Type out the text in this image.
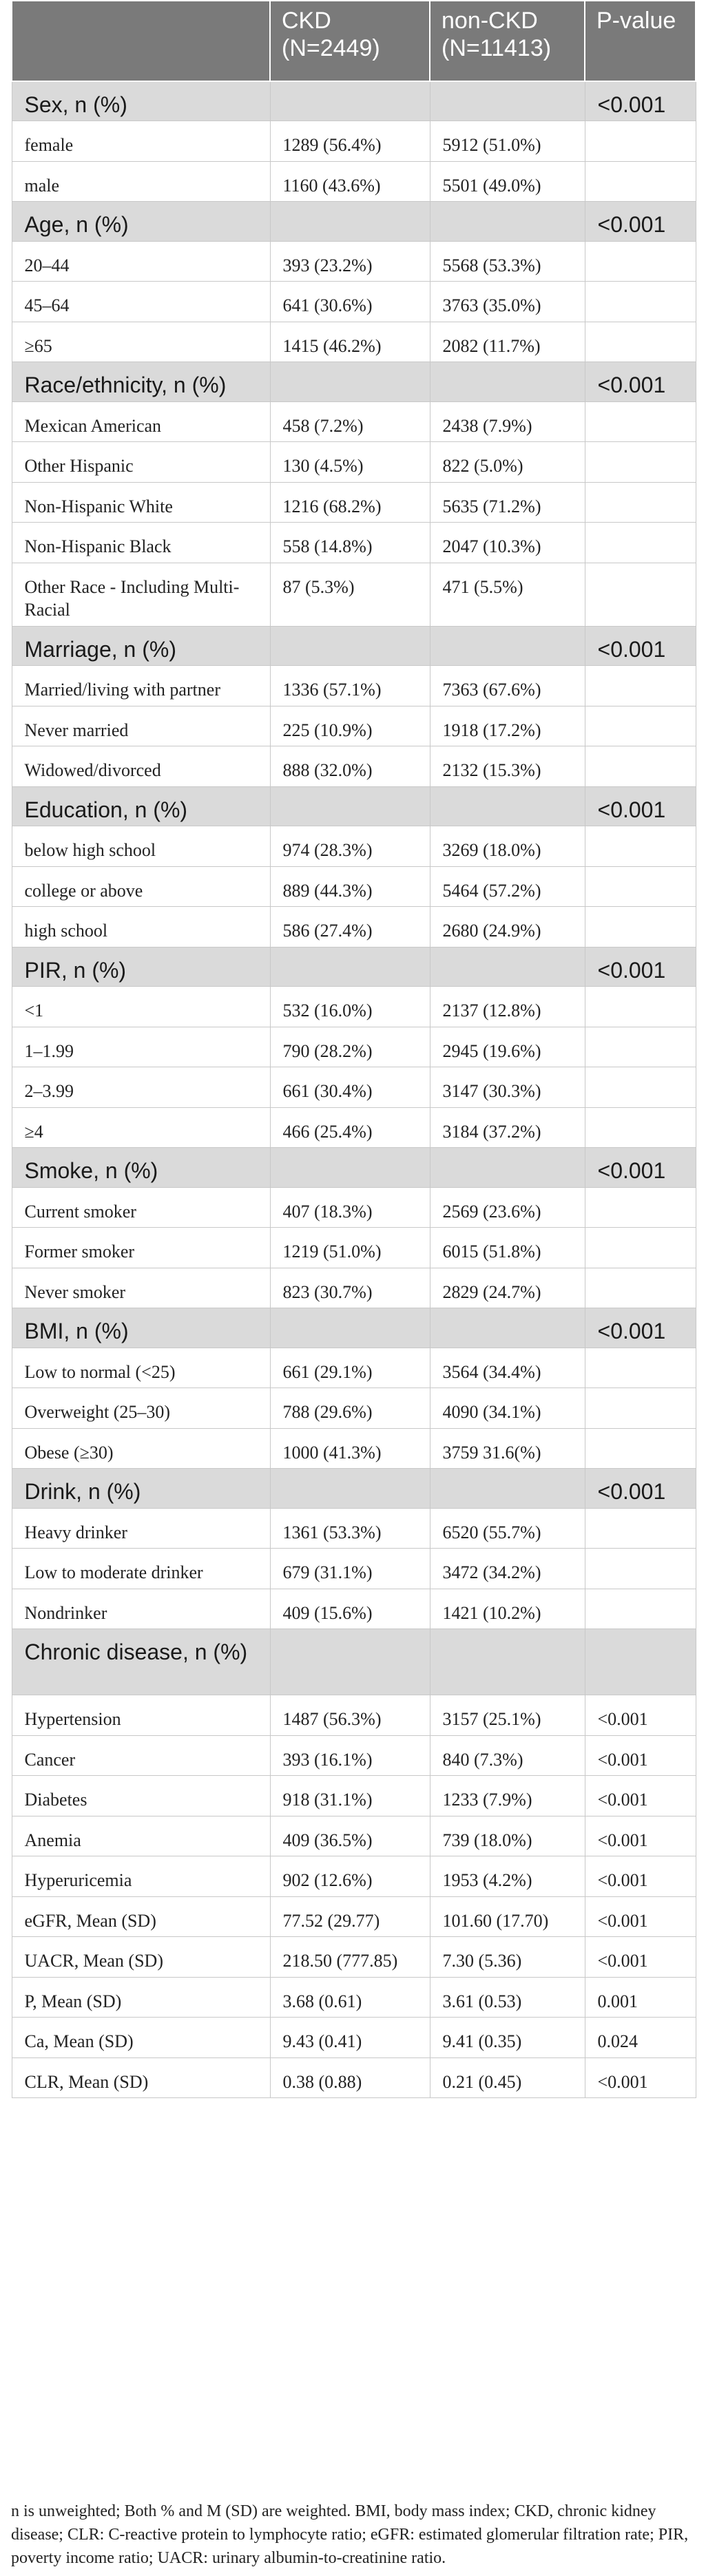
	CKD (N=2449)	non-CKD (N=11413)	P-value
Sex, n (%)			<0.001
female	1289 (56.4%)	5912 (51.0%)	
male	1160 (43.6%)	5501 (49.0%)	
Age, n (%)			<0.001
20–44	393 (23.2%)	5568 (53.3%)	
45–64	641 (30.6%)	3763 (35.0%)	
≥65	1415 (46.2%)	2082 (11.7%)	
Race/ethnicity, n (%)			<0.001
Mexican American	458 (7.2%)	2438 (7.9%)	
Other Hispanic	130 (4.5%)	822 (5.0%)	
Non-Hispanic White	1216 (68.2%)	5635 (71.2%)	
Non-Hispanic Black	558 (14.8%)	2047 (10.3%)	
Other Race - Including Multi-Racial	87 (5.3%)	471 (5.5%)	
Marriage, n (%)			<0.001
Married/living with partner	1336 (57.1%)	7363 (67.6%)	
Never married	225 (10.9%)	1918 (17.2%)	
Widowed/divorced	888 (32.0%)	2132 (15.3%)	
Education, n (%)			<0.001
below high school	974 (28.3%)	3269 (18.0%)	
college or above	889 (44.3%)	5464 (57.2%)	
high school	586 (27.4%)	2680 (24.9%)	
PIR, n (%)			<0.001
<1	532 (16.0%)	2137 (12.8%)	
1–1.99	790 (28.2%)	2945 (19.6%)	
2–3.99	661 (30.4%)	3147 (30.3%)	
≥4	466 (25.4%)	3184 (37.2%)	
Smoke, n (%)			<0.001
Current smoker	407 (18.3%)	2569 (23.6%)	
Former smoker	1219 (51.0%)	6015 (51.8%)	
Never smoker	823 (30.7%)	2829 (24.7%)	
BMI, n (%)			<0.001
Low to normal (<25)	661 (29.1%)	3564 (34.4%)	
Overweight (25–30)	788 (29.6%)	4090 (34.1%)	
Obese (≥30)	1000 (41.3%)	3759 31.6(%)	
Drink, n (%)			<0.001
Heavy drinker	1361 (53.3%)	6520 (55.7%)	
Low to moderate drinker	679 (31.1%)	3472 (34.2%)	
Nondrinker	409 (15.6%)	1421 (10.2%)	
Chronic disease, n (%)			
Hypertension	1487 (56.3%)	3157 (25.1%)	<0.001
Cancer	393 (16.1%)	840 (7.3%)	<0.001
Diabetes	918 (31.1%)	1233 (7.9%)	<0.001
Anemia	409 (36.5%)	739 (18.0%)	<0.001
Hyperuricemia	902 (12.6%)	1953 (4.2%)	<0.001
eGFR, Mean (SD)	77.52 (29.77)	101.60 (17.70)	<0.001
UACR, Mean (SD)	218.50 (777.85)	7.30 (5.36)	<0.001
P, Mean (SD)	3.68 (0.61)	3.61 (0.53)	0.001
Ca, Mean (SD)	9.43 (0.41)	9.41 (0.35)	0.024
CLR, Mean (SD)	0.38 (0.88)	0.21 (0.45)	<0.001
n is unweighted; Both % and M (SD) are weighted. BMI, body mass index; CKD, chronic kidney disease; CLR: C-reactive protein to lymphocyte ratio; eGFR: estimated glomerular filtration rate; PIR, poverty income ratio; UACR: urinary albumin-to-creatinine ratio.
